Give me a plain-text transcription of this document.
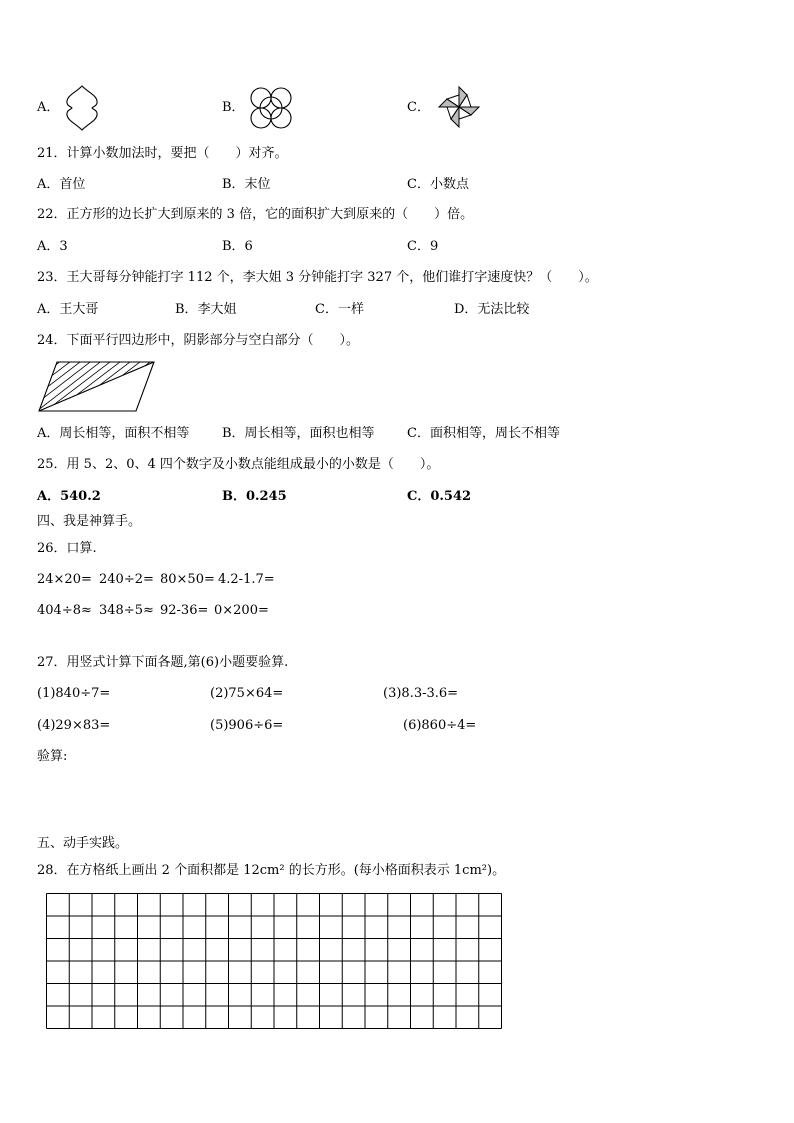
A．	B．	C．
21．计算小数加法时，要把（　　）对齐。
A．首位	B．末位	C．小数点
22．正方形的边长扩大到原来的 3 倍，它的面积扩大到原来的（　　）倍。
A．3	B．6	C．9
23．王大哥每分钟能打字 112 个，李大姐 3 分钟能打字 327 个，他们谁打字速度快？（　　）。
A．王大哥	B．李大姐	C．一样	D．无法比较
24．下面平行四边形中，阴影部分与空白部分（　　）。
A．周长相等，面积不相等	B．周长相等，面积也相等 C．面积相等，周长不相等
25．用 5、2、0、4 四个数字及小数点能组成最小的小数是（　　）。
A．540.2	B．0.245	C．0.542
四、我是神算手。
26．口算.
24×20= 240÷2= 80×50= 4.2-1.7=
404÷8≈ 348÷5≈ 92-36= 0×200=
27．用竖式计算下面各题,第(6)小题要验算.
(1)840÷7=	(2)75×64=	(3)8.3-3.6=
(4)29×83=	(5)906÷6=	(6)860÷4=
验算:
五、动手实践。
28．在方格纸上画出 2 个面积都是 12cm² 的长方形。(每小格面积表示 1cm²)。
